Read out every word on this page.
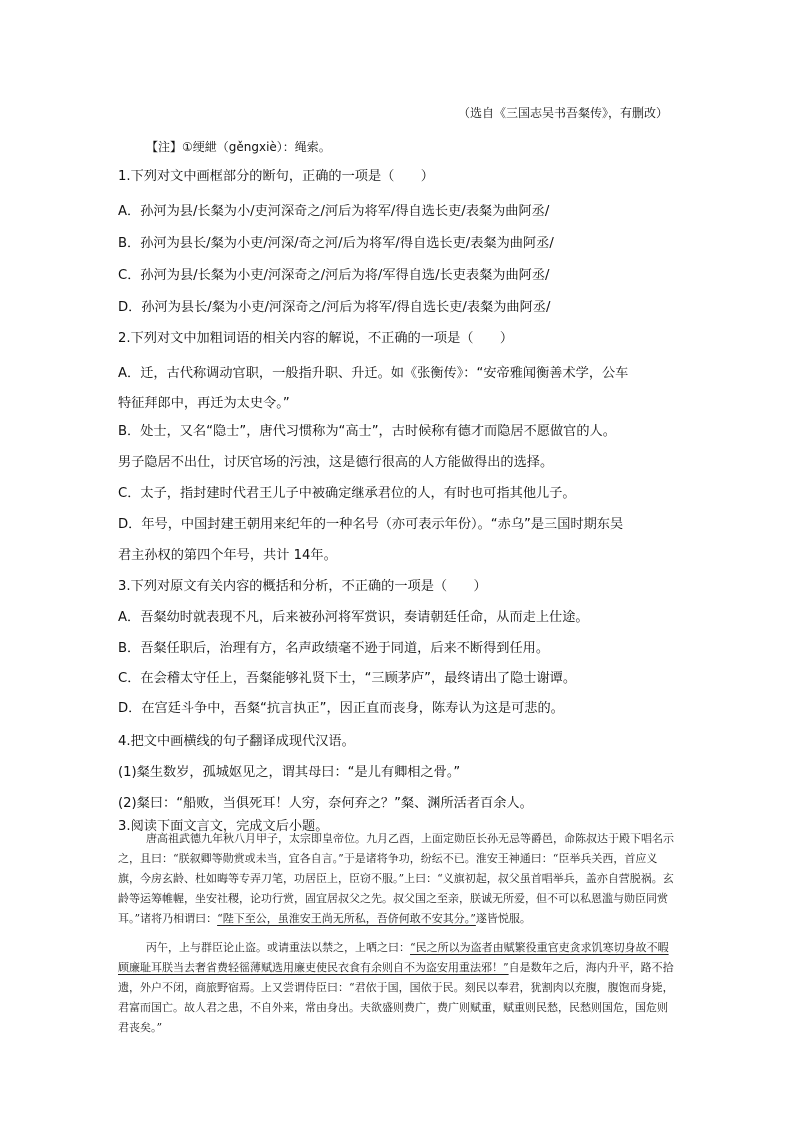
（选自《三国志吴书吾粲传》，有删改）
【注】①绠紲（gěngxiè）：绳索。
1.下列对文中画框部分的断句，正确的一项是（　　）
A．孙河为县/长粲为小/吏河深奇之/河后为将军/得自选长吏/表粲为曲阿丞/
B．孙河为县长/粲为小吏/河深/奇之河/后为将军/得自选长吏/表粲为曲阿丞/
C．孙河为县/长粲为小吏/河深奇之/河后为将/军得自选/长吏表粲为曲阿丞/
D．孙河为县长/粲为小吏/河深奇之/河后为将军/得自选长吏/表粲为曲阿丞/
2.下列对文中加粗词语的相关内容的解说，不正确的一项是（　　）
A．迁，古代称调动官职，一般指升职、升迁。如《张衡传》：“安帝雅闻衡善术学，公车
特征拜郎中，再迁为太史令。”
B．处士，又名“隐士”，唐代习惯称为“高士”，古时候称有德才而隐居不愿做官的人。
男子隐居不出仕，讨厌官场的污浊，这是德行很高的人方能做得出的选择。
C．太子，指封建时代君王儿子中被确定继承君位的人，有时也可指其他儿子。
D．年号，中国封建王朝用来纪年的一种名号（亦可表示年份）。“赤乌”是三国时期东吴
君主孙权的第四个年号，共计 14年。
3.下列对原文有关内容的概括和分析，不正确的一项是（　　）
A．吾粲幼时就表现不凡，后来被孙河将军赏识，奏请朝廷任命，从而走上仕途。
B．吾粲任职后，治理有方，名声政绩毫不逊于同道，后来不断得到任用。
C．在会稽太守任上，吾粲能够礼贤下士，“三顾茅庐”，最终请出了隐士谢谭。
D．在宫廷斗争中，吾粲“抗言执正”，因正直而丧身，陈寿认为这是可悲的。
4.把文中画横线的句子翻译成现代汉语。
(1)粲生数岁，孤城妪见之，谓其母曰：“是儿有卿相之骨。”
(2)粲曰：“船败，当俱死耳！人穷，奈何弃之？”粲、渊所活者百余人。
3.阅读下面文言文，完成文后小题。
唐高祖武德九年秋八月甲子，太宗即皇帝位。九月乙酉，上面定勋臣长孙无忌等爵邑，命陈叔达于殿下唱名示之，且曰：“朕叙卿等勋赏或未当，宜各自言。”于是诸将争功，纷纭不已。淮安王神通曰：“臣举兵关西，首应义旗，今房玄龄、杜如晦等专弄刀笔，功居臣上，臣窃不服。”上曰：“义旗初起，叔父虽首唱举兵，盖亦自营脱祸。玄龄等运筹帷幄，坐安社稷，论功行赏，固宜居叔父之先。叔父国之至亲，朕诚无所爱，但不可以私恩滥与勋臣同赏耳。”诸将乃相谓曰：“陛下至公，虽淮安王尚无所私，吾侪何敢不安其分。”遂皆悦服。
丙午，上与群臣论止盗。或请重法以禁之，上哂之曰：“民之所以为盗者由赋繁役重官吏贪求饥寒切身故不暇顾廉耻耳朕当去奢省费轻徭薄赋选用廉吏使民衣食有余则自不为盗安用重法邪！”自是数年之后，海内升平，路不拾遗，外户不闭，商旅野宿焉。上又尝谓侍臣曰：“君依于国，国依于民。刻民以奉君，犹割肉以充腹，腹饱而身毙，君富而国亡。故人君之患，不自外来，常由身出。夫欲盛则费广，费广则赋重，赋重则民愁，民愁则国危，国危则君丧矣。”
